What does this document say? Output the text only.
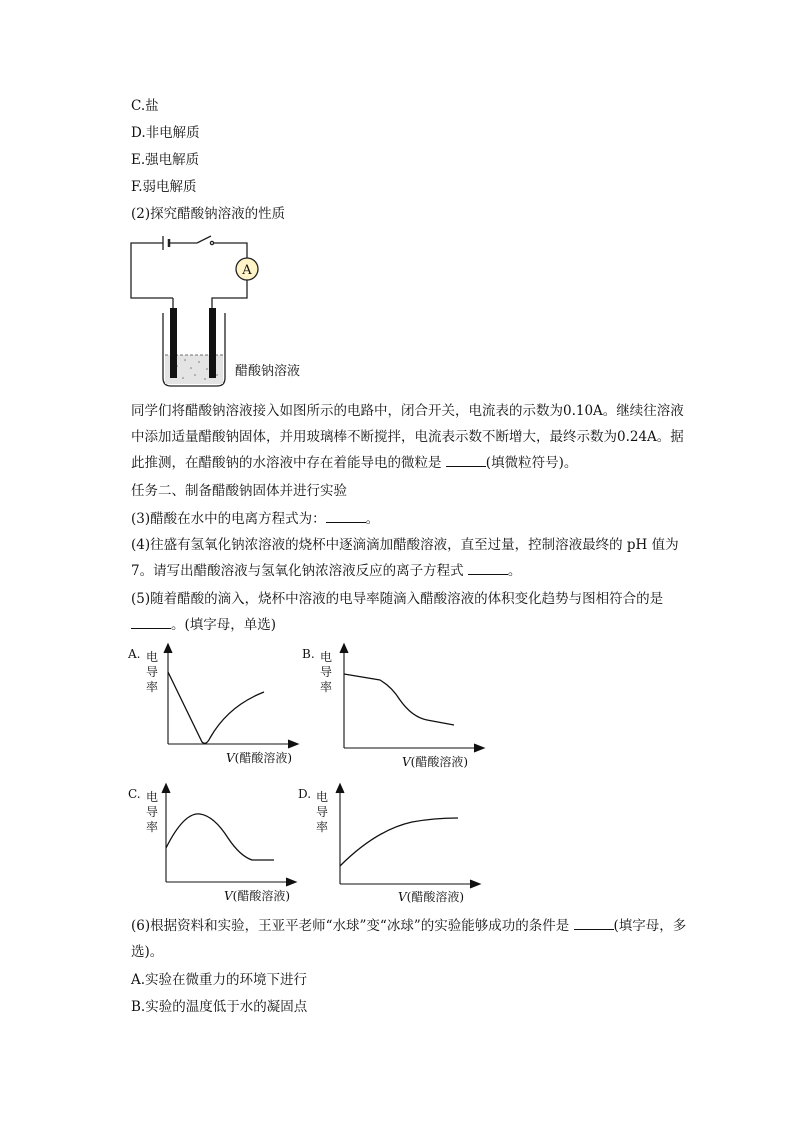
C.盐
D.非电解质
E.强电解质
F.弱电解质
(2)探究醋酸钠溶液的性质
A
醋酸钠溶液
同学们将醋酸钠溶液接入如图所示的电路中，闭合开关，电流表的示数为0.10A。继续往溶液中添加适量醋酸钠固体，并用玻璃棒不断搅拌，电流表示数不断增大，最终示数为0.24A。据此推测，在醋酸钠的水溶液中存在着能导电的微粒是	(填微粒符号)。
任务二、制备醋酸钠固体并进行实验
(3)醋酸在水中的电离方程式为：	。
(4)往盛有氢氧化钠浓溶液的烧杯中逐滴滴加醋酸溶液，直至过量，控制溶液最终的 pH 值为7。请写出醋酸溶液与氢氧化钠浓溶液反应的离子方程式	。
(5)随着醋酸的滴入，烧杯中溶液的电导率随滴入醋酸溶液的体积变化趋势与图相符合的是
。(填字母，单选)
A. 电
导
率
V(醋酸溶液)
B. 电
导
率
V(醋酸溶液)
C. 电
导
率
V(醋酸溶液)
D. 电
导
率
V(醋酸溶液)
(6)根据资料和实验，王亚平老师“水球”变“冰球”的实验能够成功的条件是	(填字母，多选)。
A.实验在微重力的环境下进行
B.实验的温度低于水的凝固点
